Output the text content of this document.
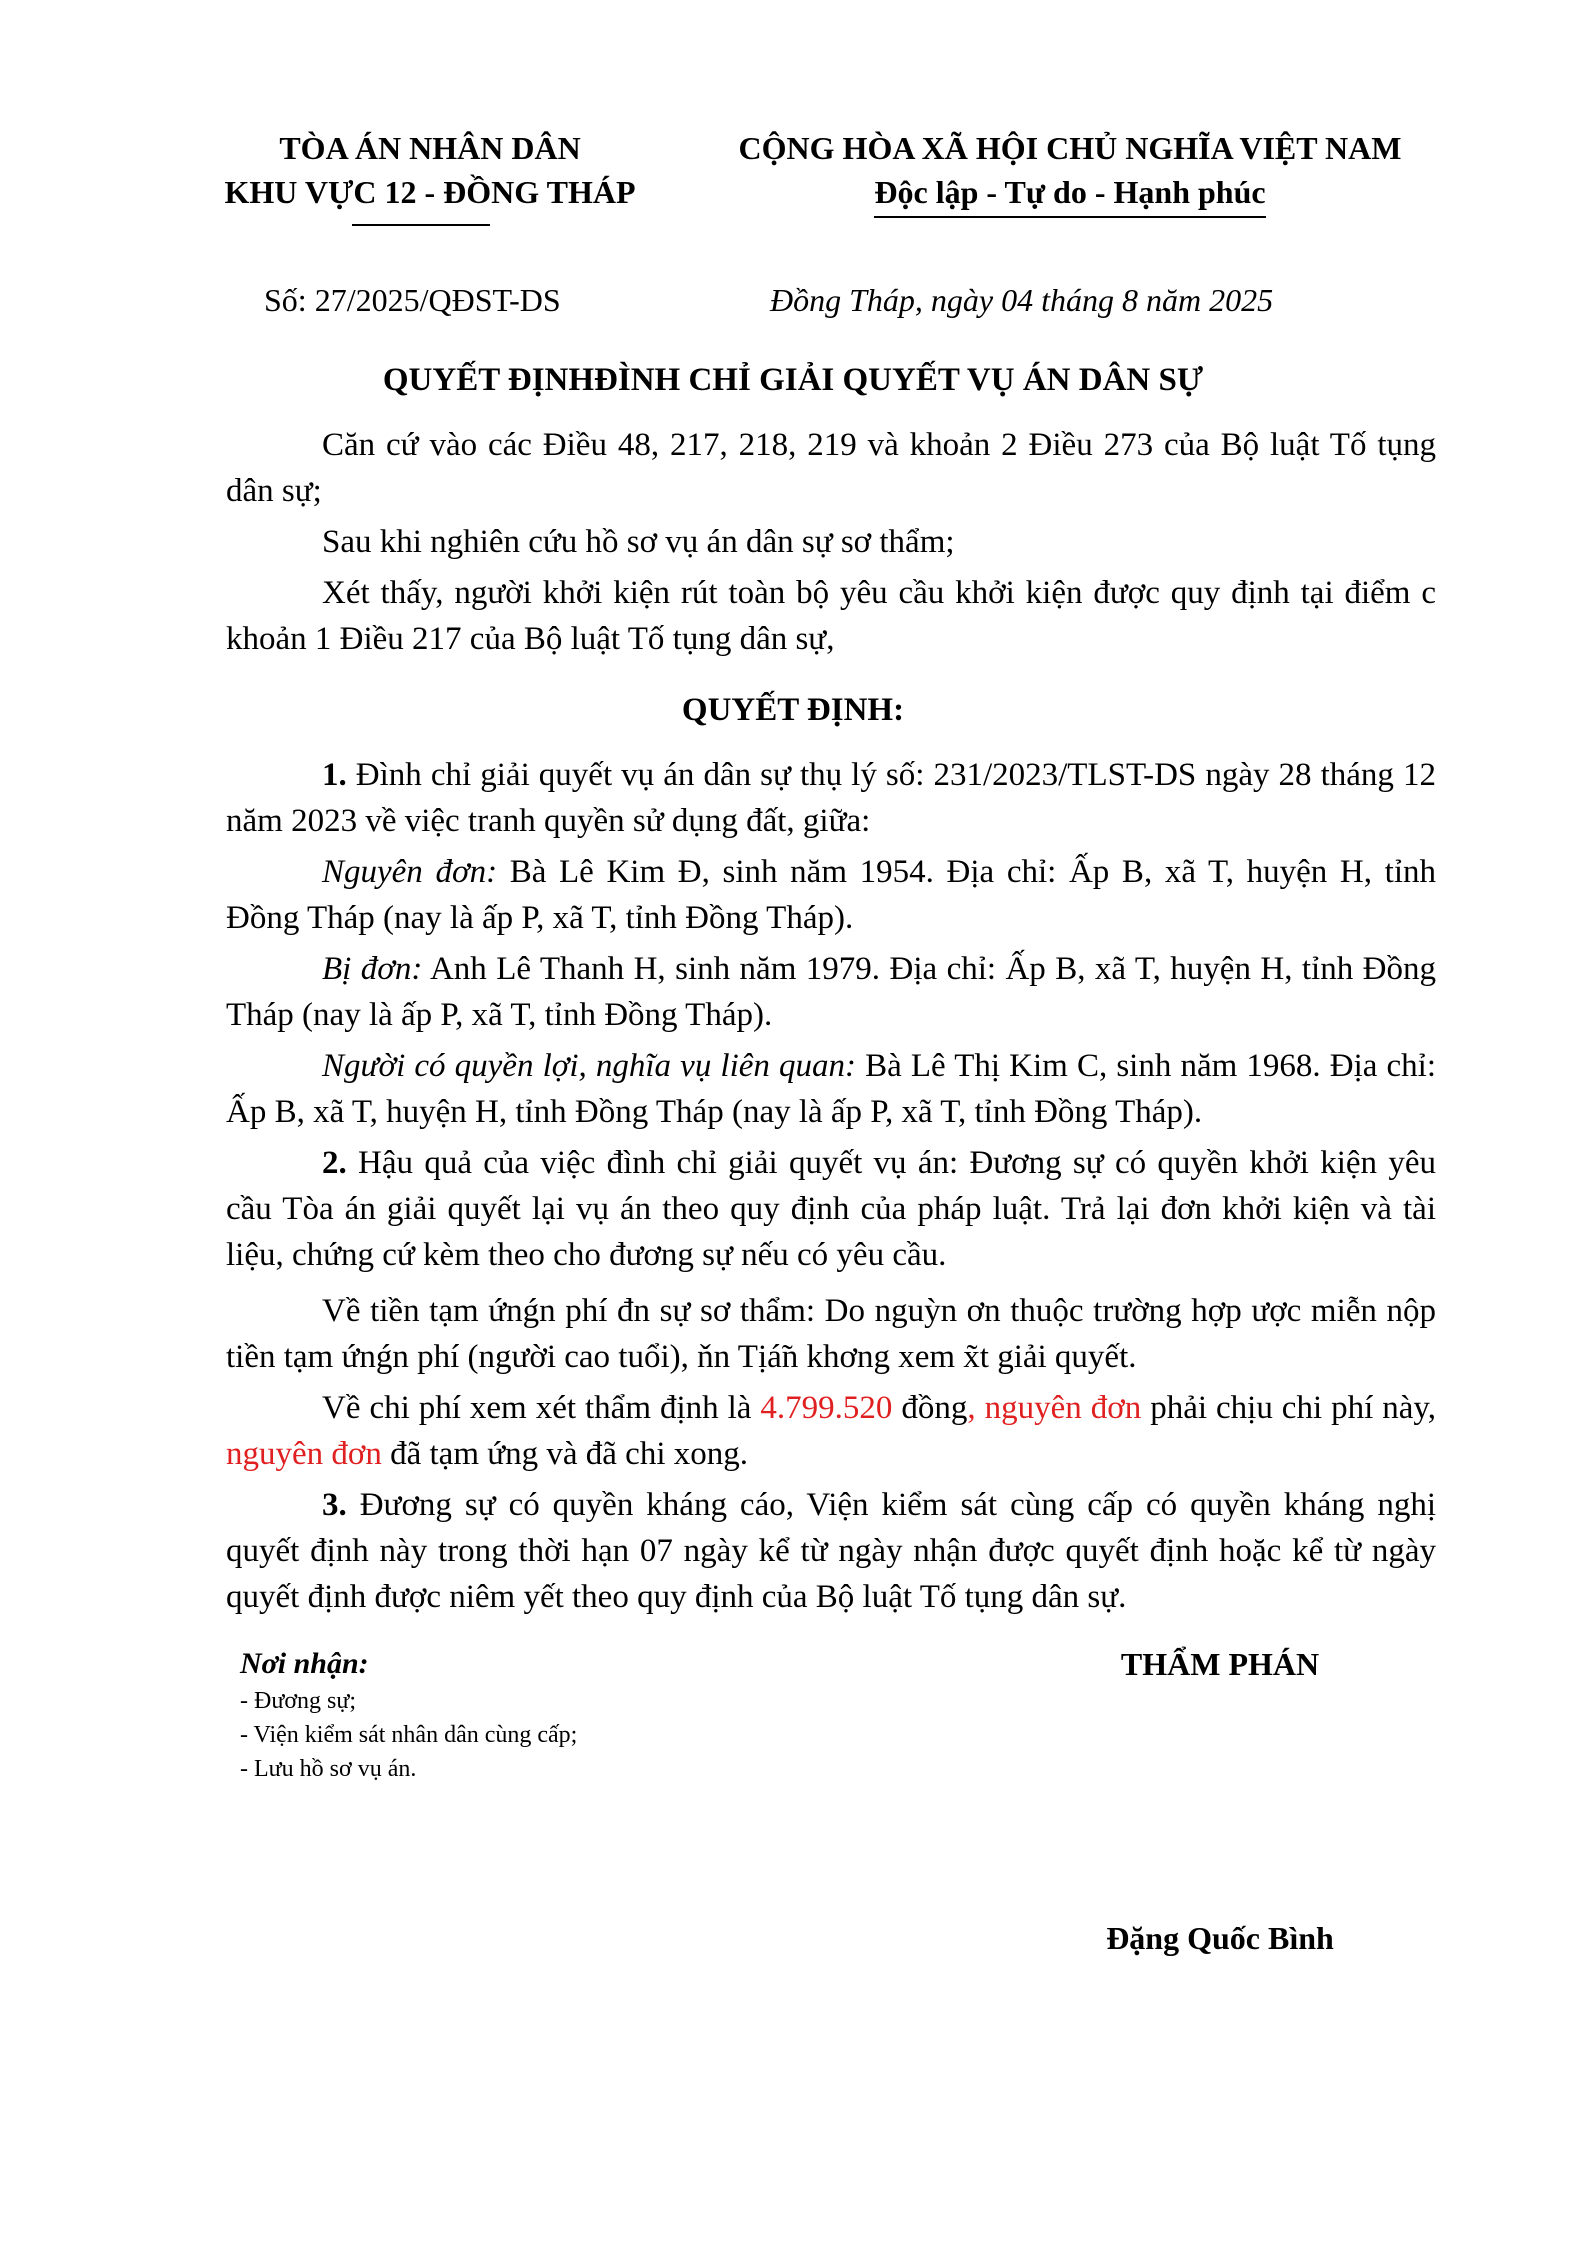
TÒA ÁN NHÂN DÂN
KHU VỰC 12 - ĐỒNG THÁP
CỘNG HÒA XÃ HỘI CHỦ NGHĨA VIỆT NAM
Độc lập - Tự do - Hạnh phúc
Số: 27/2025/QĐST-DS	Đồng Tháp, ngày 04 tháng 8 năm 2025
QUYẾT ĐỊNHĐÌNH CHỈ GIẢI QUYẾT VỤ ÁN DÂN SỰ

Căn cứ vào các Điều 48, 217, 218, 219 và khoản 2 Điều 273 của Bộ luật Tố tụng dân sự;

Sau khi nghiên cứu hồ sơ vụ án dân sự sơ thẩm;

Xét thấy, người khởi kiện rút toàn bộ yêu cầu khởi kiện được quy định tại điểm c khoản 1 Điều 217 của Bộ luật Tố tụng dân sự,

QUYẾT ĐỊNH:

1. Đình chỉ giải quyết vụ án dân sự thụ lý số: 231/2023/TLST-DS ngày 28 tháng 12 năm 2023 về việc tranh quyền sử dụng đất, giữa:

Nguyên đơn: Bà Lê Kim Đ, sinh năm 1954. Địa chỉ: Ấp B, xã T, huyện H, tỉnh Đồng Tháp (nay là ấp P, xã T, tỉnh Đồng Tháp).

Bị đơn: Anh Lê Thanh H, sinh năm 1979. Địa chỉ: Ấp B, xã T, huyện H, tỉnh Đồng Tháp (nay là ấp P, xã T, tỉnh Đồng Tháp).

Người có quyền lợi, nghĩa vụ liên quan: Bà Lê Thị Kim C, sinh năm 1968. Địa chỉ: Ấp B, xã T, huyện H, tỉnh Đồng Tháp (nay là ấp P, xã T, tỉnh Đồng Tháp).

2. Hậu quả của việc đình chỉ giải quyết vụ án: Đương sự có quyền khởi kiện yêu cầu Tòa án giải quyết lại vụ án theo quy định của pháp luật. Trả lại đơn khởi kiện và tài liệu, chứng cứ kèm theo cho đương sự nếu có yêu cầu.

Về tiền tạm ứnǵn phí đn sự sơ thẩm: Do nguỳn ơn thuộc trường hợp ược miễn nộp tiền tạm ứnǵn phí (người cao tuổi), ňn Tịá̃n khơng xem x̃t giải quyết.

Về chi phí xem xét thẩm định là 4.799.520 đồng, nguyên đơn phải chịu chi phí này, nguyên đơn đã tạm ứng và đã chi xong.

3. Đương sự có quyền kháng cáo, Viện kiểm sát cùng cấp có quyền kháng nghị quyết định này trong thời hạn 07 ngày kể từ ngày nhận được quyết định hoặc kể từ ngày quyết định được niêm yết theo quy định của Bộ luật Tố tụng dân sự.

Nơi nhận:
- Đương sự;
- Viện kiểm sát nhân dân cùng cấp;
- Lưu hồ sơ vụ án.
THẨM PHÁN
Đặng Quốc Bình
